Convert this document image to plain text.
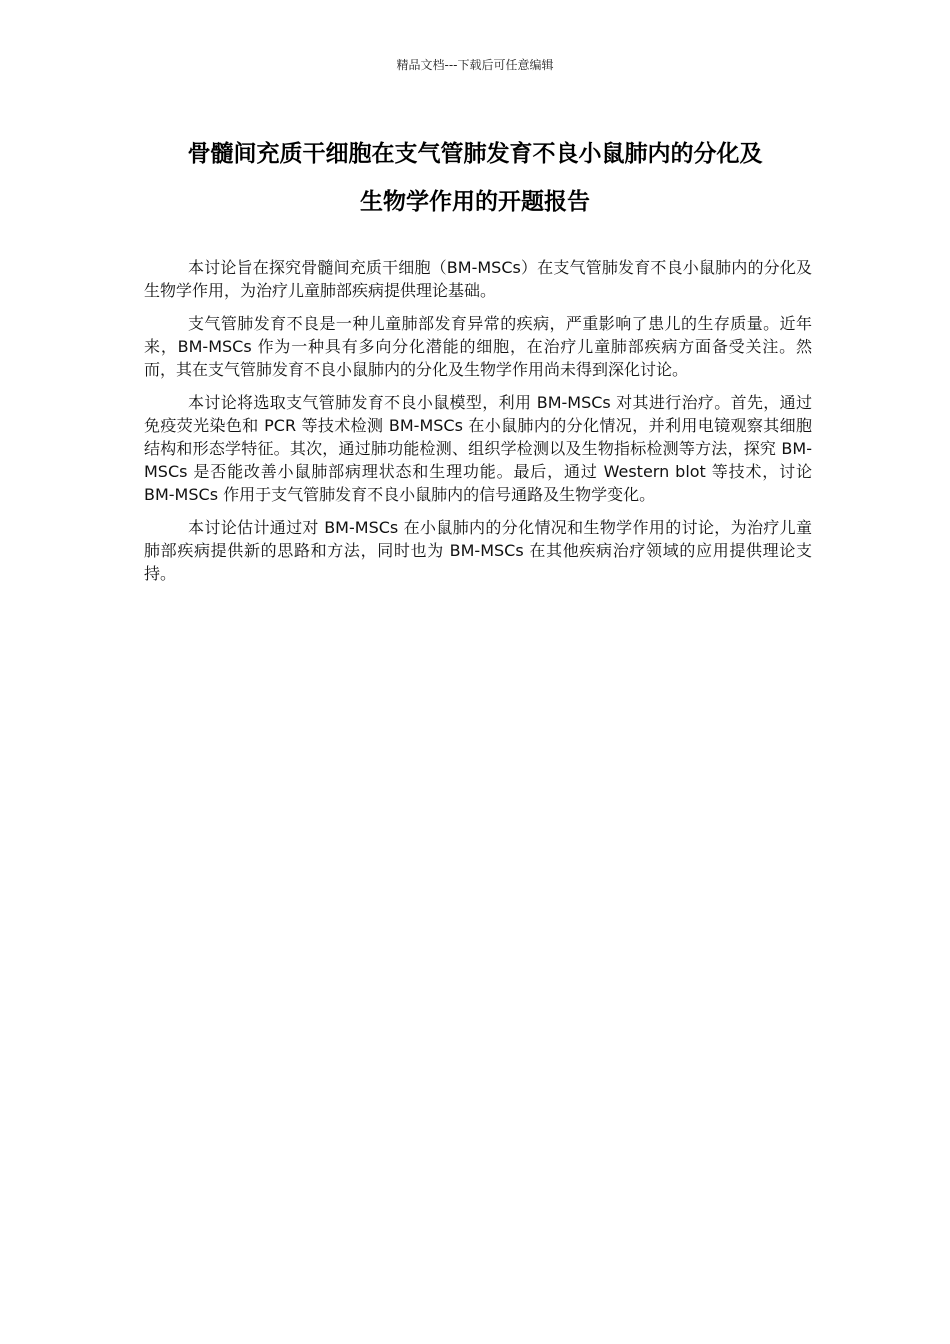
精品文档---下载后可任意编辑
骨髓间充质干细胞在支气管肺发育不良小鼠肺内的分化及
生物学作用的开题报告

本讨论旨在探究骨髓间充质干细胞（BM-MSCs）在支气管肺发育不良小鼠肺内的分化及生物学作用，为治疗儿童肺部疾病提供理论基础。

支气管肺发育不良是一种儿童肺部发育异常的疾病，严重影响了患儿的生存质量。近年来，BM-MSCs 作为一种具有多向分化潜能的细胞，在治疗儿童肺部疾病方面备受关注。然而，其在支气管肺发育不良小鼠肺内的分化及生物学作用尚未得到深化讨论。

本讨论将选取支气管肺发育不良小鼠模型，利用 BM-MSCs 对其进行治疗。首先，通过免疫荧光染色和 PCR 等技术检测 BM-MSCs 在小鼠肺内的分化情况，并利用电镜观察其细胞结构和形态学特征。其次，通过肺功能检测、组织学检测以及生物指标检测等方法，探究 BM-MSCs 是否能改善小鼠肺部病理状态和生理功能。最后，通过 Western blot 等技术，讨论 BM-MSCs 作用于支气管肺发育不良小鼠肺内的信号通路及生物学变化。

本讨论估计通过对 BM-MSCs 在小鼠肺内的分化情况和生物学作用的讨论，为治疗儿童肺部疾病提供新的思路和方法，同时也为 BM-MSCs 在其他疾病治疗领域的应用提供理论支持。
